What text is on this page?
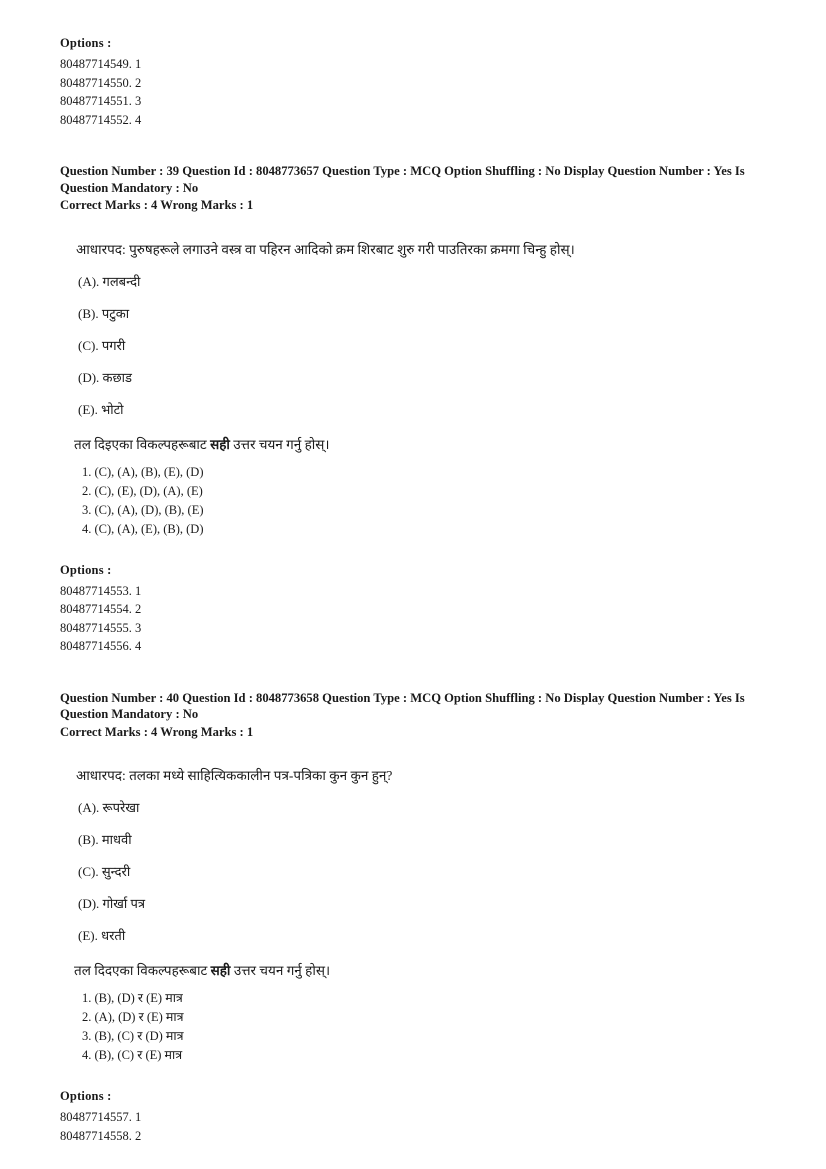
Options :
80487714549. 1
80487714550. 2
80487714551. 3
80487714552. 4
Question Number : 39 Question Id : 8048773657 Question Type : MCQ Option Shuffling : No Display Question Number : Yes Is
Question Mandatory : No
Correct Marks : 4 Wrong Marks : 1
आधारपद: पुरुषहरूले लगाउने वस्त्र वा पहिरन आदिको क्रम शिरबाट शुरु गरी पाउतिरका क्रमगा चिन्हु होस्।
(A). गलबन्दी
(B). पटुका
(C). पगरी
(D). कछाड
(E). भोटो
तल दिइएका विकल्पहरूबाट सही उत्तर चयन गर्नु होस्।
1. (C), (A), (B), (E), (D)
2. (C), (E), (D), (A), (E)
3. (C), (A), (D), (B), (E)
4. (C), (A), (E), (B), (D)
Options :
80487714553. 1
80487714554. 2
80487714555. 3
80487714556. 4
Question Number : 40 Question Id : 8048773658 Question Type : MCQ Option Shuffling : No Display Question Number : Yes Is
Question Mandatory : No
Correct Marks : 4 Wrong Marks : 1
आधारपद: तलका मध्ये साहित्यिककालीन पत्र-पत्रिका कुन कुन हुन्?
(A). रूपरेखा
(B). माधवी
(C). सुन्दरी
(D). गोर्खा पत्र
(E). धरती
तल दिदएका विकल्पहरूबाट सही उत्तर चयन गर्नु होस्।
1. (B), (D) र (E) मात्र
2. (A), (D) र (E) मात्र
3. (B), (C) र (D) मात्र
4. (B), (C) र (E) मात्र
Options :
80487714557. 1
80487714558. 2
